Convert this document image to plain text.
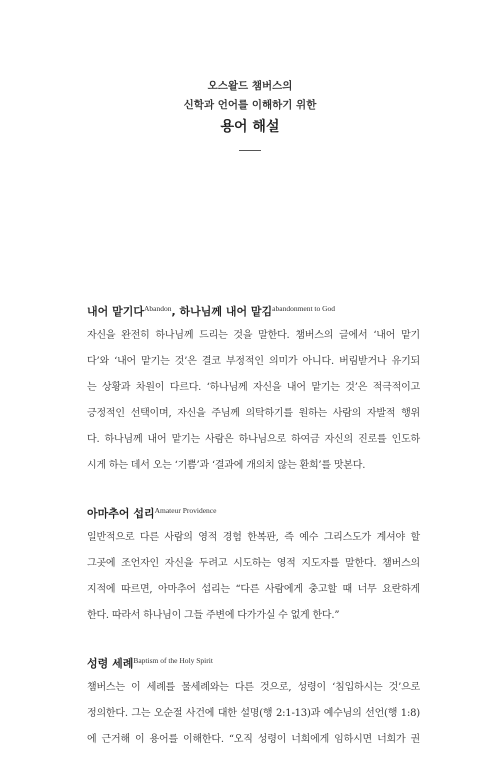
오스왈드 챔버스의
신학과 언어를 이해하기 위한
용어 해설
내어 맡기다$^{Abandon}$, 하나님께 내어 맡김$^{abandonment to God}$
자신을 완전히 하나님께 드리는 것을 말한다. 챔버스의 글에서 ‘내어 맡기
다’와 ‘내어 맡기는 것’은 결코 부정적인 의미가 아니다. 버림받거나 유기되
는 상황과 차원이 다르다. ‘하나님께 자신을 내어 맡기는 것’은 적극적이고
긍정적인 선택이며, 자신을 주님께 의탁하기를 원하는 사람의 자발적 행위
다. 하나님께 내어 맡기는 사람은 하나님으로 하여금 자신의 진로를 인도하
시게 하는 데서 오는 ‘기쁨’과 ‘결과에 개의치 않는 환희’를 맛본다.
아마추어 섭리$^{Amateur Providence}$
일반적으로 다른 사람의 영적 경험 한복판, 즉 예수 그리스도가 계셔야 할
그곳에 조언자인 자신을 두려고 시도하는 영적 지도자를 말한다. 챔버스의
지적에 따르면, 아마추어 섭리는 “다른 사람에게 충고할 때 너무 요란하게
한다. 따라서 하나님이 그들 주변에 다가가실 수 없게 한다.”
성령 세례$^{Baptism of the Holy Spirit}$
챔버스는 이 세례를 물세례와는 다른 것으로, 성령이 ‘침입하시는 것’으로
정의한다. 그는 오순절 사건에 대한 설명(행 2:1-13)과 예수님의 선언(행 1:8)
에 근거해 이 용어를 이해한다. “오직 성령이 너희에게 임하시면 너희가 권
